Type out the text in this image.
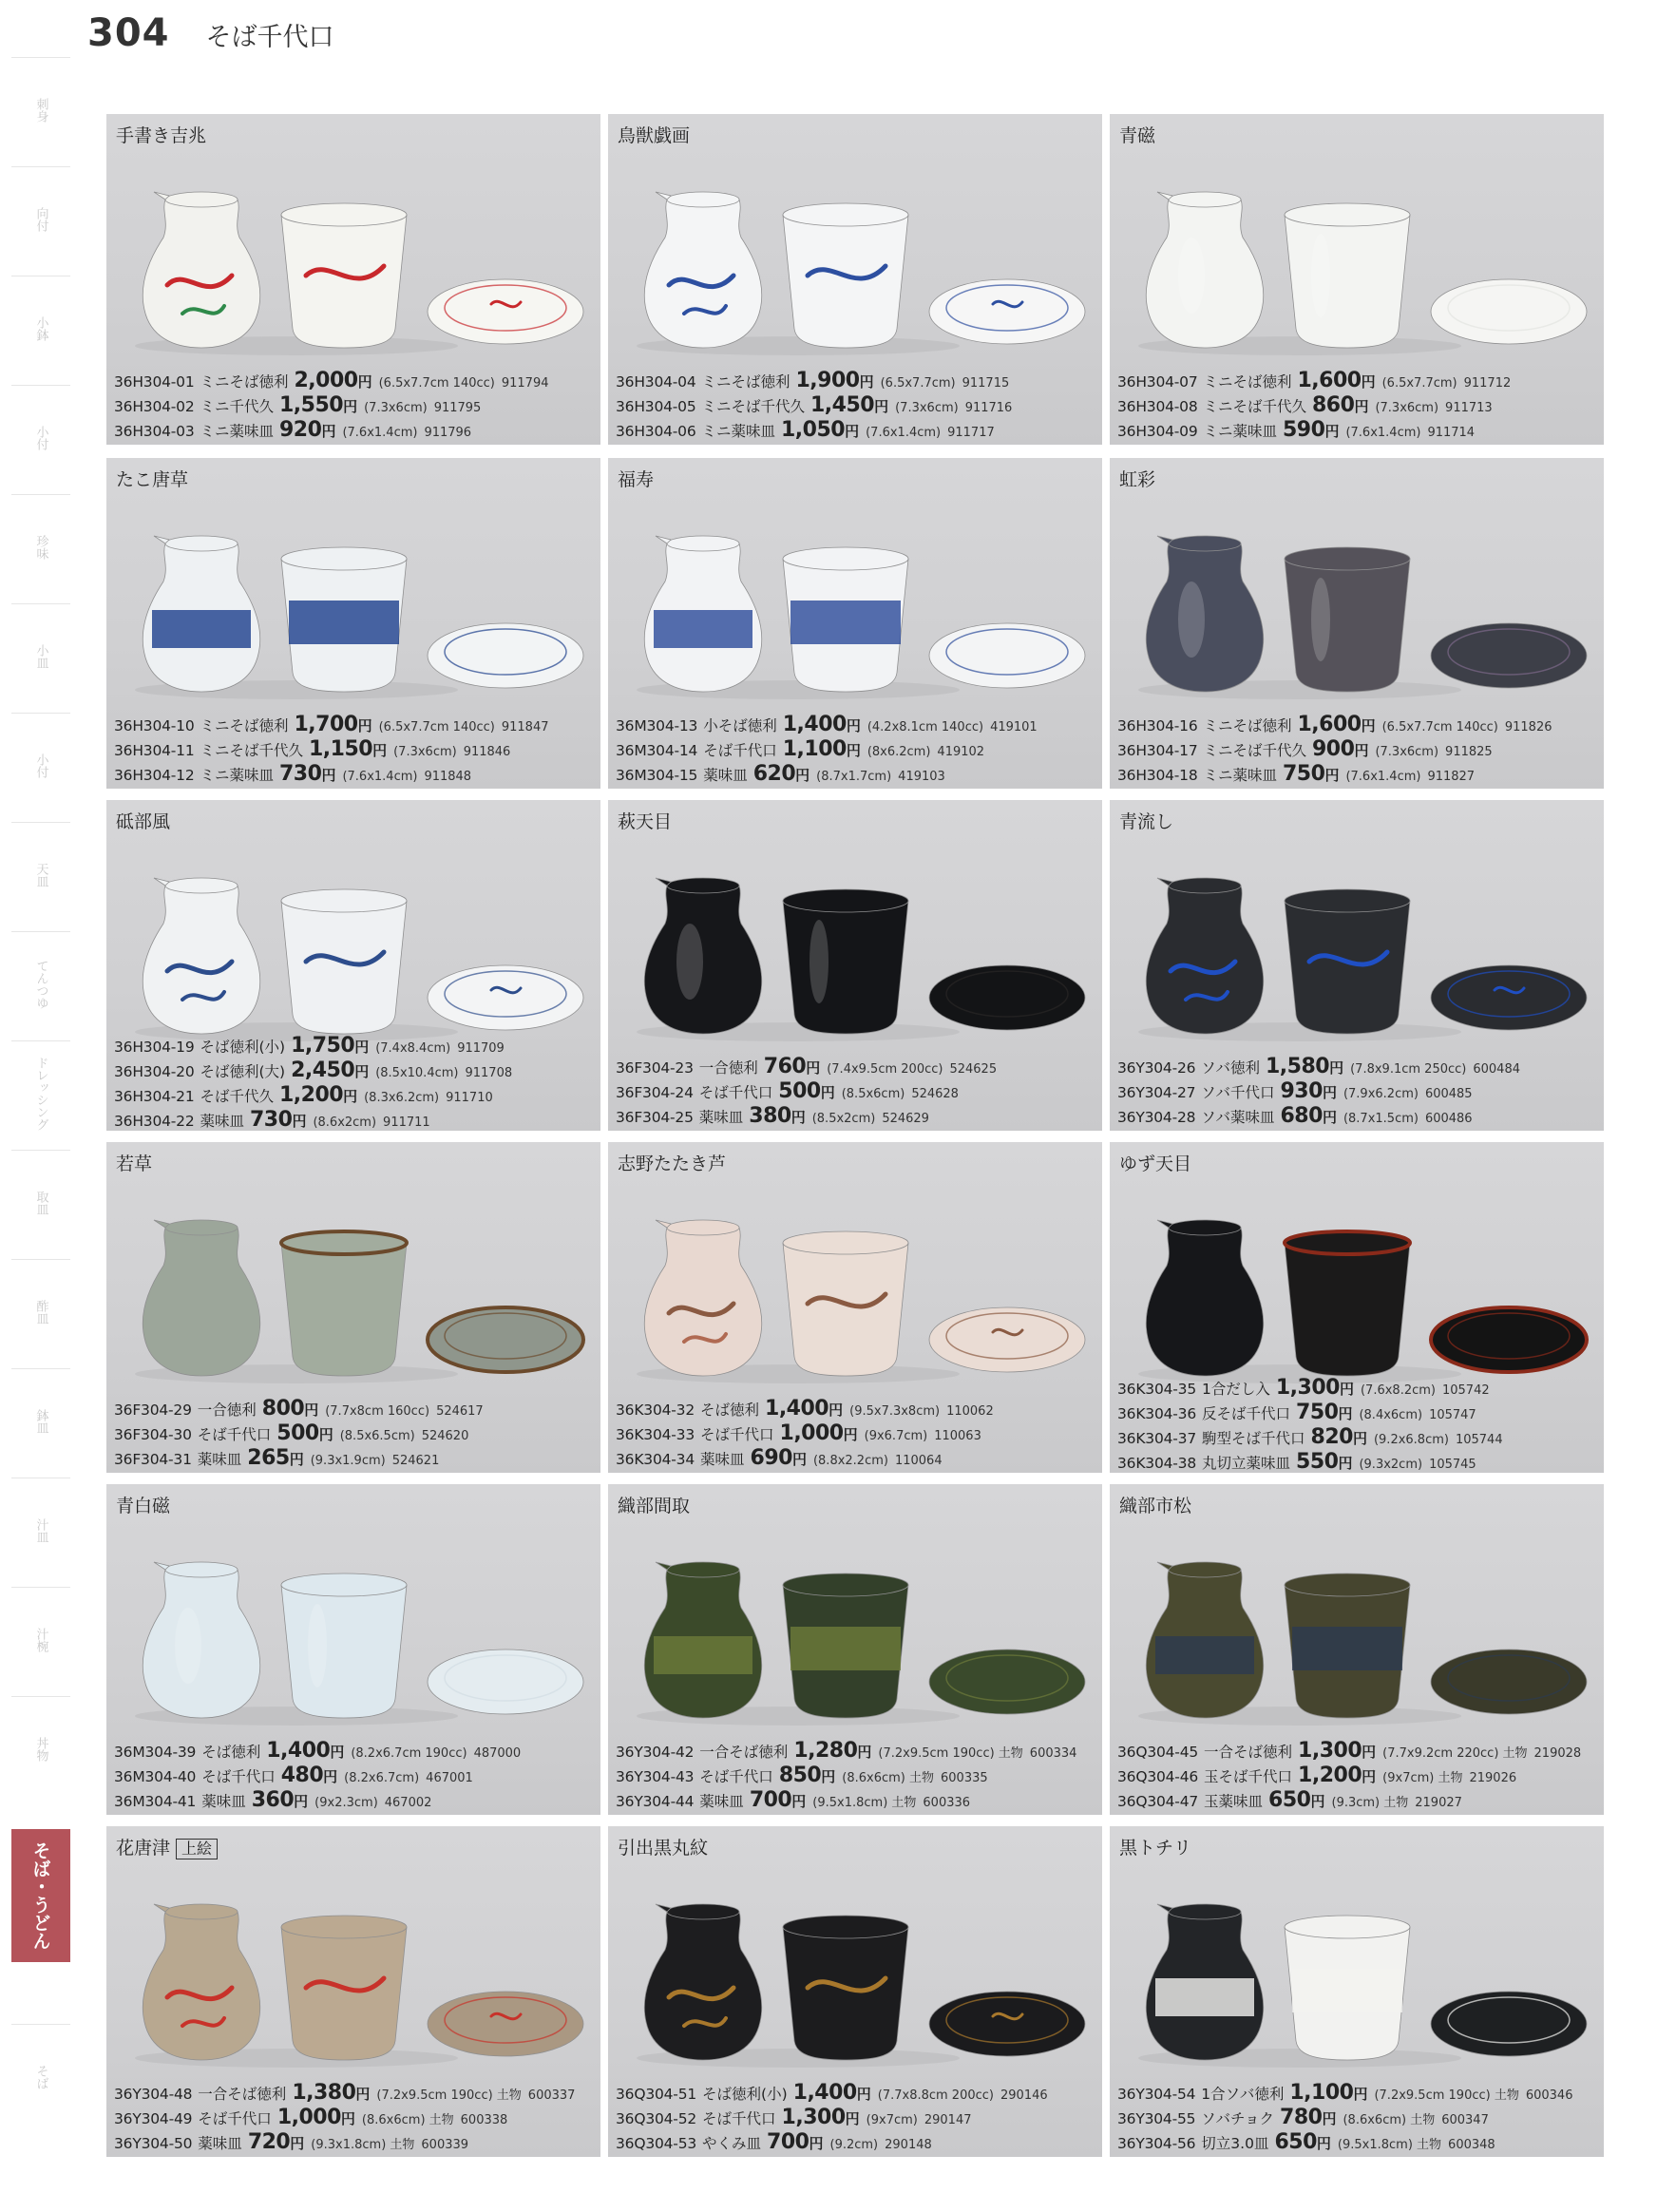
304 そば千代口
刺身
向付
小鉢
小付
珍味
小皿
小付
天皿
てんつゆ
ドレッシング
取皿
酢皿
鉢皿
汁皿
汁椀
丼物
そば
そば・うどん
手書き吉兆
36H304-01 ミニそば徳利 2,000 円 (6.5x7.7cm 140cc) 911794
36H304-02 ミニ千代久 1,550 円 (7.3x6cm) 911795
36H304-03 ミニ薬味皿 920 円 (7.6x1.4cm) 911796
鳥獣戯画
36H304-04 ミニそば徳利 1,900 円 (6.5x7.7cm) 911715
36H304-05 ミニそば千代久 1,450 円 (7.3x6cm) 911716
36H304-06 ミニ薬味皿 1,050 円 (7.6x1.4cm) 911717
青磁
36H304-07 ミニそば徳利 1,600 円 (6.5x7.7cm) 911712
36H304-08 ミニそば千代久 860 円 (7.3x6cm) 911713
36H304-09 ミニ薬味皿 590 円 (7.6x1.4cm) 911714
たこ唐草
36H304-10 ミニそば徳利 1,700 円 (6.5x7.7cm 140cc) 911847
36H304-11 ミニそば千代久 1,150 円 (7.3x6cm) 911846
36H304-12 ミニ薬味皿 730 円 (7.6x1.4cm) 911848
福寿
36M304-13 小そば徳利 1,400 円 (4.2x8.1cm 140cc) 419101
36M304-14 そば千代口 1,100 円 (8x6.2cm) 419102
36M304-15 薬味皿 620 円 (8.7x1.7cm) 419103
虹彩
36H304-16 ミニそば徳利 1,600 円 (6.5x7.7cm 140cc) 911826
36H304-17 ミニそば千代久 900 円 (7.3x6cm) 911825
36H304-18 ミニ薬味皿 750 円 (7.6x1.4cm) 911827
砥部風
36H304-19 そば徳利(小) 1,750 円 (7.4x8.4cm) 911709
36H304-20 そば徳利(大) 2,450 円 (8.5x10.4cm) 911708
36H304-21 そば千代久 1,200 円 (8.3x6.2cm) 911710
36H304-22 薬味皿 730 円 (8.6x2cm) 911711
萩天目
36F304-23 一合徳利 760 円 (7.4x9.5cm 200cc) 524625
36F304-24 そば千代口 500 円 (8.5x6cm) 524628
36F304-25 薬味皿 380 円 (8.5x2cm) 524629
青流し
36Y304-26 ソバ徳利 1,580 円 (7.8x9.1cm 250cc) 600484
36Y304-27 ソバ千代口 930 円 (7.9x6.2cm) 600485
36Y304-28 ソバ薬味皿 680 円 (8.7x1.5cm) 600486
若草
36F304-29 一合徳利 800 円 (7.7x8cm 160cc) 524617
36F304-30 そば千代口 500 円 (8.5x6.5cm) 524620
36F304-31 薬味皿 265 円 (9.3x1.9cm) 524621
志野たたき芦
36K304-32 そば徳利 1,400 円 (9.5x7.3x8cm) 110062
36K304-33 そば千代口 1,000 円 (9x6.7cm) 110063
36K304-34 薬味皿 690 円 (8.8x2.2cm) 110064
ゆず天目
36K304-35 1合だし入 1,300 円 (7.6x8.2cm) 105742
36K304-36 反そば千代口 750 円 (8.4x6cm) 105747
36K304-37 駒型そば千代口 820 円 (9.2x6.8cm) 105744
36K304-38 丸切立薬味皿 550 円 (9.3x2cm) 105745
青白磁
36M304-39 そば徳利 1,400 円 (8.2x6.7cm 190cc) 487000
36M304-40 そば千代口 480 円 (8.2x6.7cm) 467001
36M304-41 薬味皿 360 円 (9x2.3cm) 467002
織部間取
36Y304-42 一合そば徳利 1,280 円 (7.2x9.5cm 190cc) 土物 600334
36Y304-43 そば千代口 850 円 (8.6x6cm) 土物 600335
36Y304-44 薬味皿 700 円 (9.5x1.8cm) 土物 600336
織部市松
36Q304-45 一合そば徳利 1,300 円 (7.7x9.2cm 220cc) 土物 219028
36Q304-46 玉そば千代口 1,200 円 (9x7cm) 土物 219026
36Q304-47 玉薬味皿 650 円 (9.3cm) 土物 219027
花唐津 上絵
36Y304-48 一合そば徳利 1,380 円 (7.2x9.5cm 190cc) 土物 600337
36Y304-49 そば千代口 1,000 円 (8.6x6cm) 土物 600338
36Y304-50 薬味皿 720 円 (9.3x1.8cm) 土物 600339
引出黒丸紋
36Q304-51 そば徳利(小) 1,400 円 (7.7x8.8cm 200cc) 290146
36Q304-52 そば千代口 1,300 円 (9x7cm) 290147
36Q304-53 やくみ皿 700 円 (9.2cm) 290148
黒トチリ
36Y304-54 1合ソバ徳利 1,100 円 (7.2x9.5cm 190cc) 土物 600346
36Y304-55 ソバチョク 780 円 (8.6x6cm) 土物 600347
36Y304-56 切立3.0皿 650 円 (9.5x1.8cm) 土物 600348
